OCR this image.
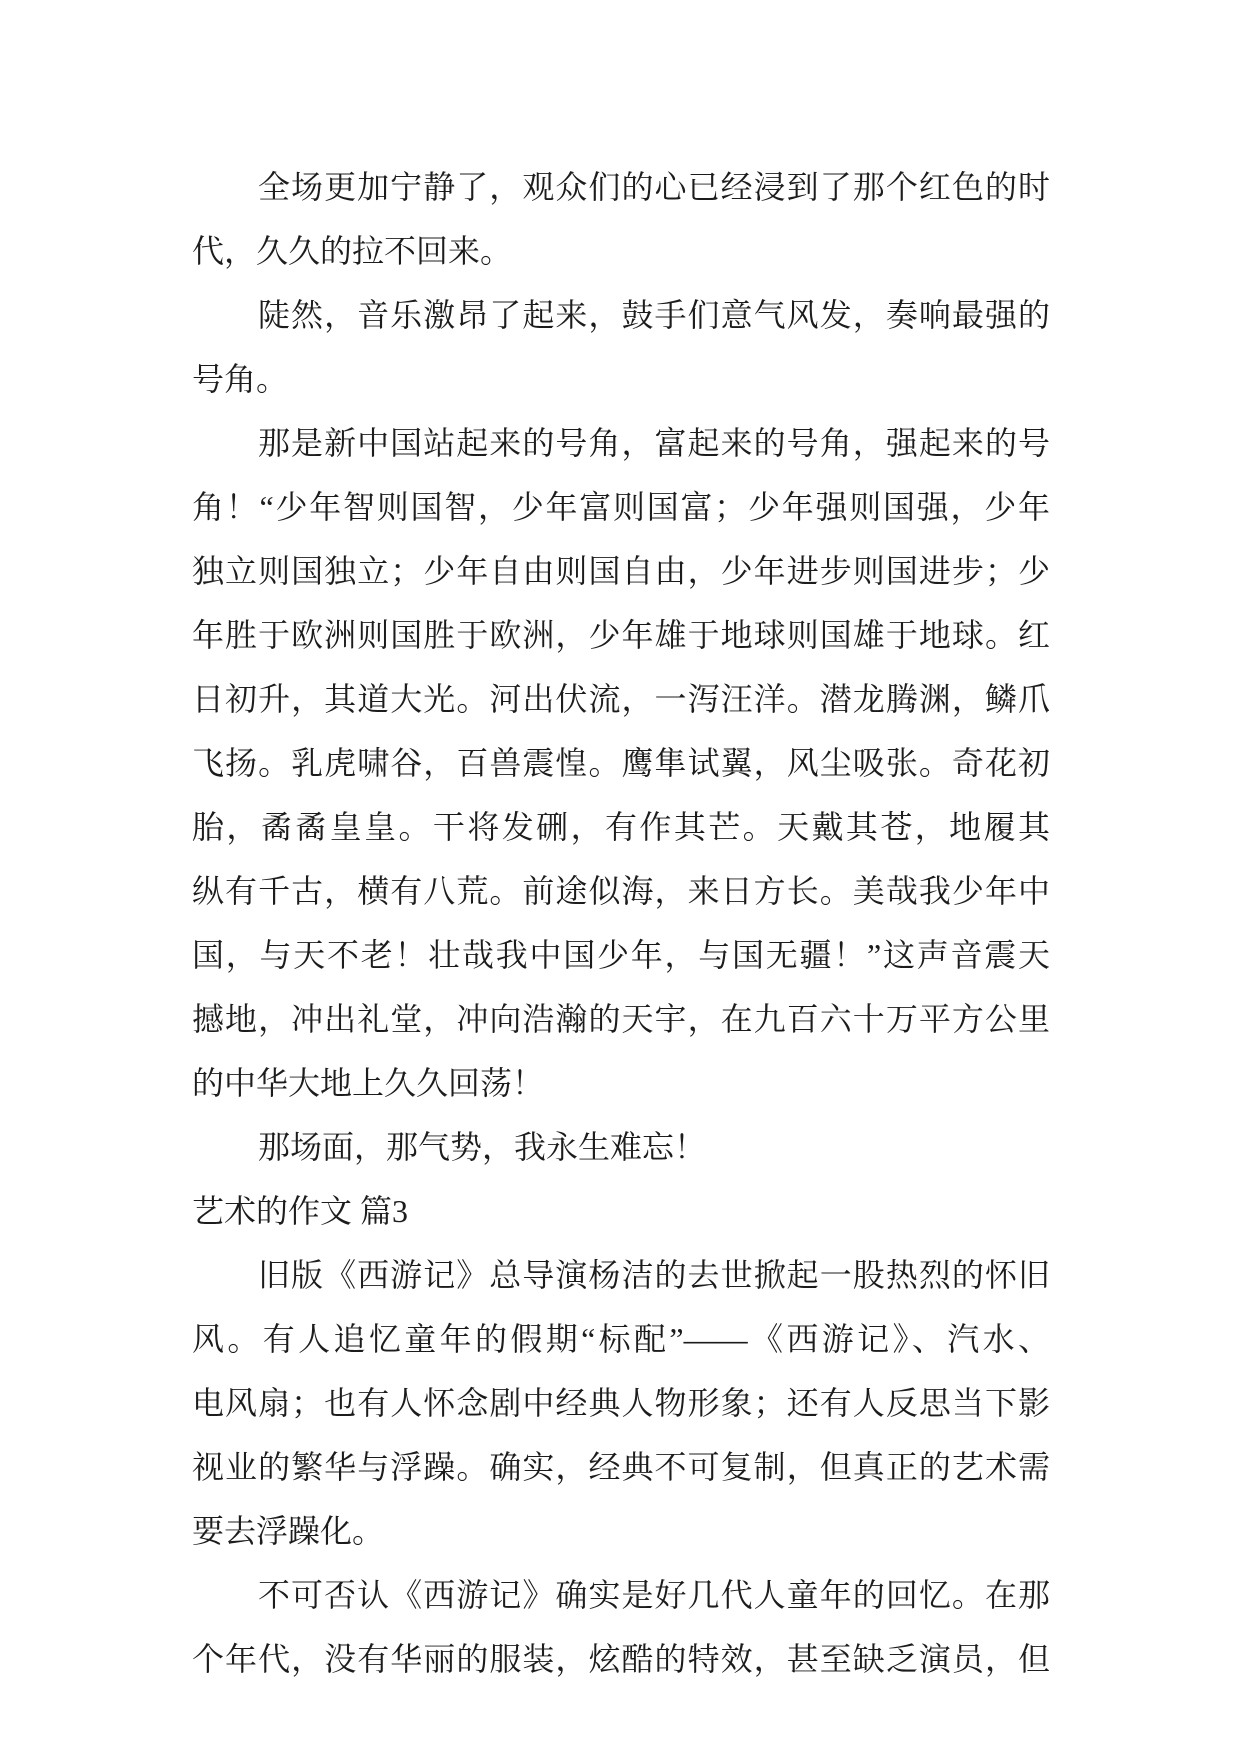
全场更加宁静了，观众们的心已经浸到了那个红色的时
代，久久的拉不回来。
陡然，音乐激昂了起来，鼓手们意气风发，奏响最强的
号角。
那是新中国站起来的号角，富起来的号角，强起来的号
角！“少年智则国智，少年富则国富；少年强则国强，少年
独立则国独立；少年自由则国自由，少年进步则国进步；少
年胜于欧洲则国胜于欧洲，少年雄于地球则国雄于地球。红
日初升，其道大光。河出伏流，一泻汪洋。潜龙腾渊，鳞爪
飞扬。乳虎啸谷，百兽震惶。鹰隼试翼，风尘吸张。奇花初
胎，矞矞皇皇。干将发硎，有作其芒。天戴其苍，地履其
纵有千古，横有八荒。前途似海，来日方长。美哉我少年中
国，与天不老！壮哉我中国少年，与国无疆！”这声音震天
撼地，冲出礼堂，冲向浩瀚的天宇，在九百六十万平方公里
的中华大地上久久回荡！
那场面，那气势，我永生难忘！
艺术的作文 篇3
旧版《西游记》总导演杨洁的去世掀起一股热烈的怀旧
风。有人追忆童年的假期“标配”——《西游记》、汽水、
电风扇；也有人怀念剧中经典人物形象；还有人反思当下影
视业的繁华与浮躁。确实，经典不可复制，但真正的艺术需
要去浮躁化。
不可否认《西游记》确实是好几代人童年的回忆。在那
个年代，没有华丽的服装，炫酷的特效，甚至缺乏演员，但
